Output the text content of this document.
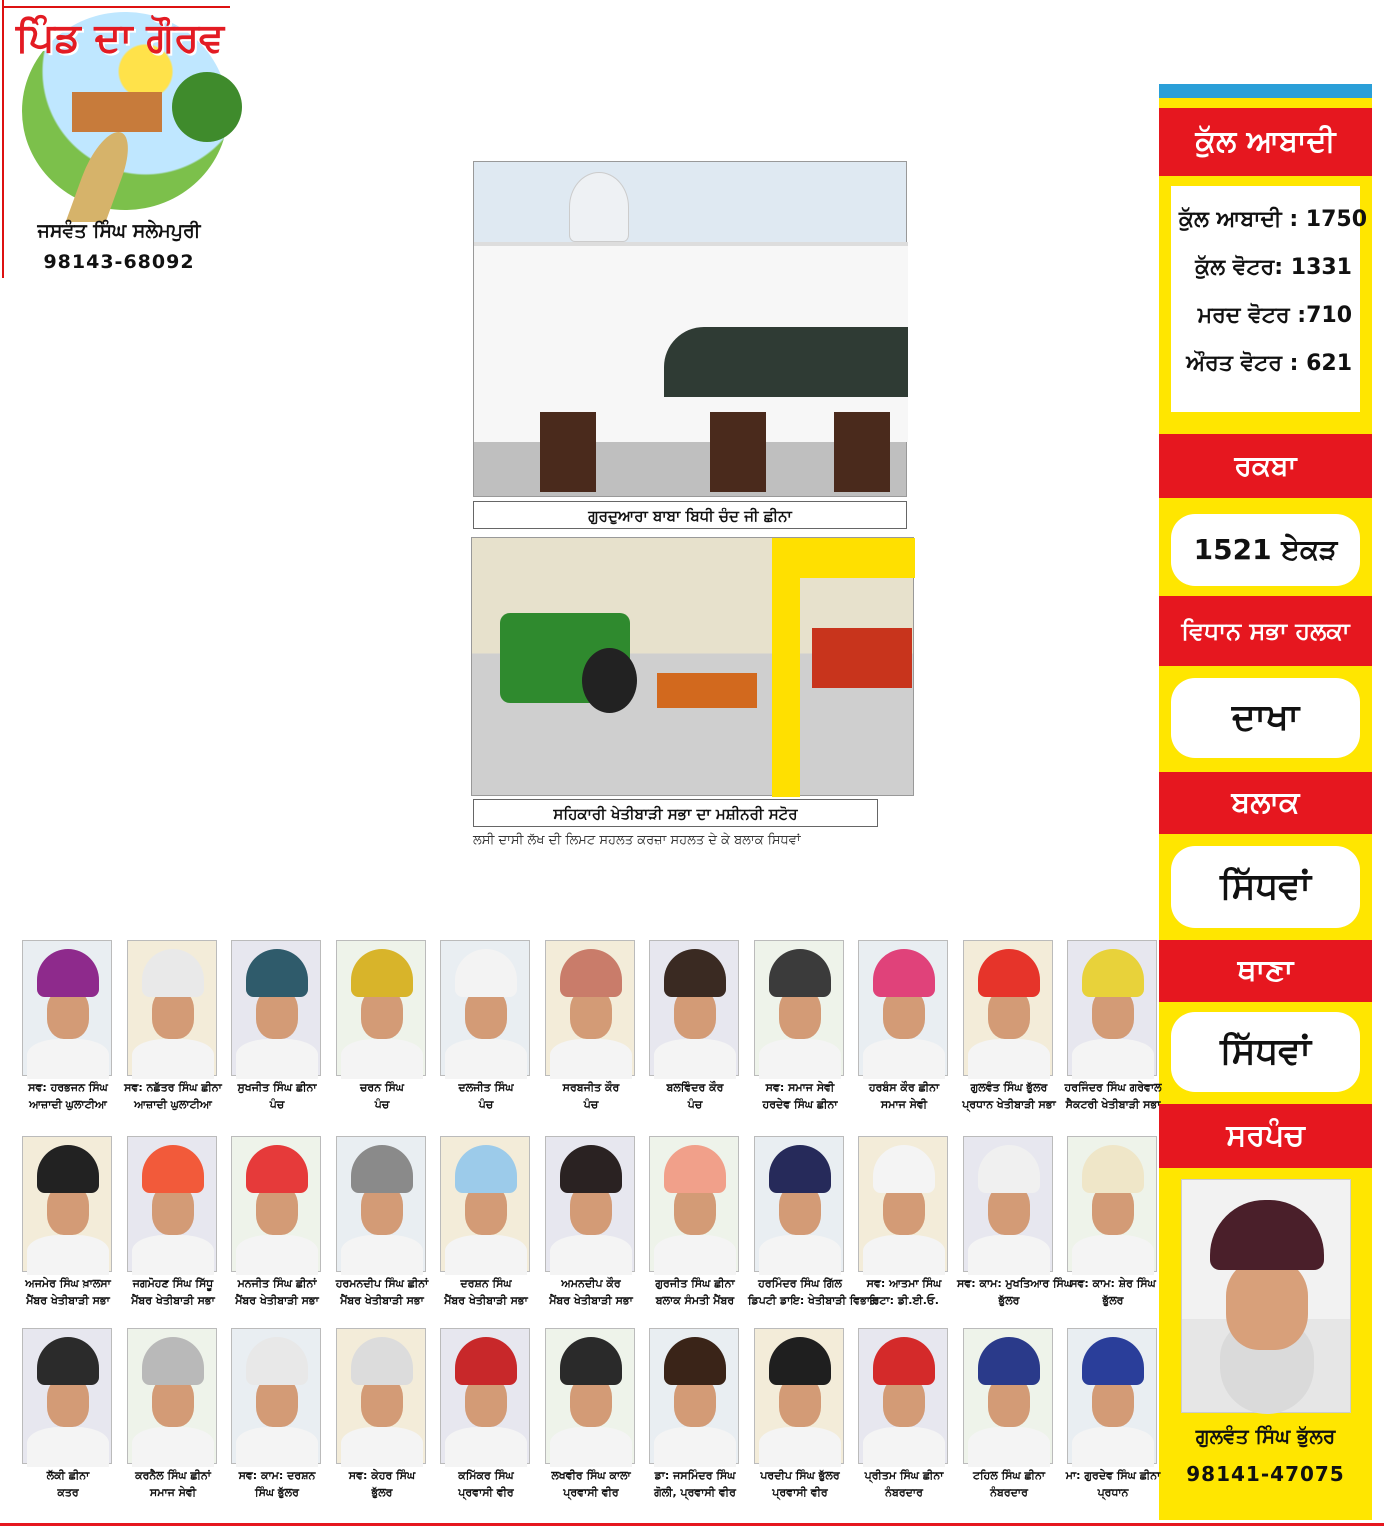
ਪਿੰਡ ਦਾ ਗੌਰਵ
ਜਸਵੰਤ ਸਿੰਘ ਸਲੇਮਪੁਰੀ
98143-68092
ਗੁਰਦੁਆਰਾ ਬਾਬਾ ਬਿਧੀ ਚੰਦ ਜੀ ਛੀਨਾ
ਸਹਿਕਾਰੀ ਖੇਤੀਬਾੜੀ ਸਭਾ ਦਾ ਮਸ਼ੀਨਰੀ ਸਟੋਰ
ਲਸੀ ਦਾਸੀ ਲੱਖ ਦੀ ਲਿਮਟ ਸਹਲਤ ਕਰਜ਼ਾ ਸਹਲਤ ਦੇ ਕੇ ਬਲਾਕ ਸਿਧਵਾਂ
ਕੁੱਲ ਆਬਾਦੀ
ਕੁੱਲ ਆਬਾਦੀ : 1750
ਕੁੱਲ ਵੋਟਰ: 1331
ਮਰਦ ਵੋਟਰ :710
ਔਰਤ ਵੋਟਰ : 621
ਰਕਬਾ
1521 ਏਕੜ
ਵਿਧਾਨ ਸਭਾ ਹਲਕਾ
ਦਾਖਾ
ਬਲਾਕ
ਸਿੱਧਵਾਂ
ਥਾਣਾ
ਸਿੱਧਵਾਂ
ਸਰਪੰਚ
ਗੁਲਵੰਤ ਸਿੰਘ ਭੁੱਲਰ
98141-47075
ਸਵ: ਹਰਭਜਨ ਸਿੰਘ
ਆਜ਼ਾਦੀ ਘੁਲਾਟੀਆ
ਸਵ: ਨਛੱਤਰ ਸਿੰਘ ਛੀਨਾ
ਆਜ਼ਾਦੀ ਘੁਲਾਟੀਆ
ਸੁਖਜੀਤ ਸਿੰਘ ਛੀਨਾ
ਪੰਚ
ਚਰਨ ਸਿੰਘ
ਪੰਚ
ਦਲਜੀਤ ਸਿੰਘ
ਪੰਚ
ਸਰਬਜੀਤ ਕੌਰ
ਪੰਚ
ਬਲਵਿੰਦਰ ਕੌਰ
ਪੰਚ
ਸਵ: ਸਮਾਜ ਸੇਵੀ
ਹਰਦੇਵ ਸਿੰਘ ਛੀਨਾ
ਹਰਬੰਸ ਕੌਰ ਛੀਨਾ
ਸਮਾਜ ਸੇਵੀ
ਗੁਲਵੰਤ ਸਿੰਘ ਭੁੱਲਰ
ਪ੍ਰਧਾਨ ਖੇਤੀਬਾੜੀ ਸਭਾ
ਹਰਜਿੰਦਰ ਸਿੰਘ ਗਰੇਵਾਲ
ਸੈਕਟਰੀ ਖੇਤੀਬਾੜੀ ਸਭਾ
ਅਜਮੇਰ ਸਿੰਘ ਖ਼ਾਲਸਾ
ਮੈਂਬਰ ਖੇਤੀਬਾੜੀ ਸਭਾ
ਜਗਮੋਹਣ ਸਿੰਘ ਸਿੱਧੂ
ਮੈਂਬਰ ਖੇਤੀਬਾੜੀ ਸਭਾ
ਮਨਜੀਤ ਸਿੰਘ ਛੀਨਾਂ
ਮੈਂਬਰ ਖੇਤੀਬਾੜੀ ਸਭਾ
ਹਰਮਨਦੀਪ ਸਿੰਘ ਛੀਨਾਂ
ਮੈਂਬਰ ਖੇਤੀਬਾੜੀ ਸਭਾ
ਦਰਸ਼ਨ ਸਿੰਘ
ਮੈਂਬਰ ਖੇਤੀਬਾੜੀ ਸਭਾ
ਅਮਨਦੀਪ ਕੌਰ
ਮੈਂਬਰ ਖੇਤੀਬਾੜੀ ਸਭਾ
ਗੁਰਜੀਤ ਸਿੰਘ ਛੀਨਾ
ਬਲਾਕ ਸੰਮਤੀ ਮੈਂਬਰ
ਹਰਮਿੰਦਰ ਸਿੰਘ ਗਿੱਲ
ਡਿਪਟੀ ਡਾਇ: ਖੇਤੀਬਾੜੀ ਵਿਭਾਗ
ਸਵ: ਆਤਮਾ ਸਿੰਘ
ਰਿਟਾ: ਡੀ.ਈ.ਓ.
ਸਵ: ਕਾਮ: ਮੁਖਤਿਆਰ ਸਿੰਘ
ਭੁੱਲਰ
ਸਵ: ਕਾਮ: ਸ਼ੇਰ ਸਿੰਘ
ਭੁੱਲਰ
ਲੱਕੀ ਛੀਨਾ
ਕਤਰ
ਕਰਨੈਲ ਸਿੰਘ ਛੀਨਾਂ
ਸਮਾਜ ਸੇਵੀ
ਸਵ: ਕਾਮ: ਦਰਸ਼ਨ
ਸਿੰਘ ਭੁੱਲਰ
ਸਵ: ਕੇਹਰ ਸਿੰਘ
ਭੁੱਲਰ
ਕਮਿੱਕਰ ਸਿੰਘ
ਪ੍ਰਵਾਸੀ ਵੀਰ
ਲਖਵੀਰ ਸਿੰਘ ਕਾਲਾ
ਪ੍ਰਵਾਸੀ ਵੀਰ
ਡਾ: ਜਸਮਿੰਦਰ ਸਿੰਘ
ਗੋਲੀ, ਪ੍ਰਵਾਸੀ ਵੀਰ
ਪਰਦੀਪ ਸਿੰਘ ਭੁੱਲਰ
ਪ੍ਰਵਾਸੀ ਵੀਰ
ਪ੍ਰੀਤਮ ਸਿੰਘ ਛੀਨਾ
ਨੰਬਰਦਾਰ
ਟਹਿਲ ਸਿੰਘ ਛੀਨਾ
ਨੰਬਰਦਾਰ
ਮਾ: ਗੁਰਦੇਵ ਸਿੰਘ ਛੀਨਾ
ਪ੍ਰਧਾਨ
